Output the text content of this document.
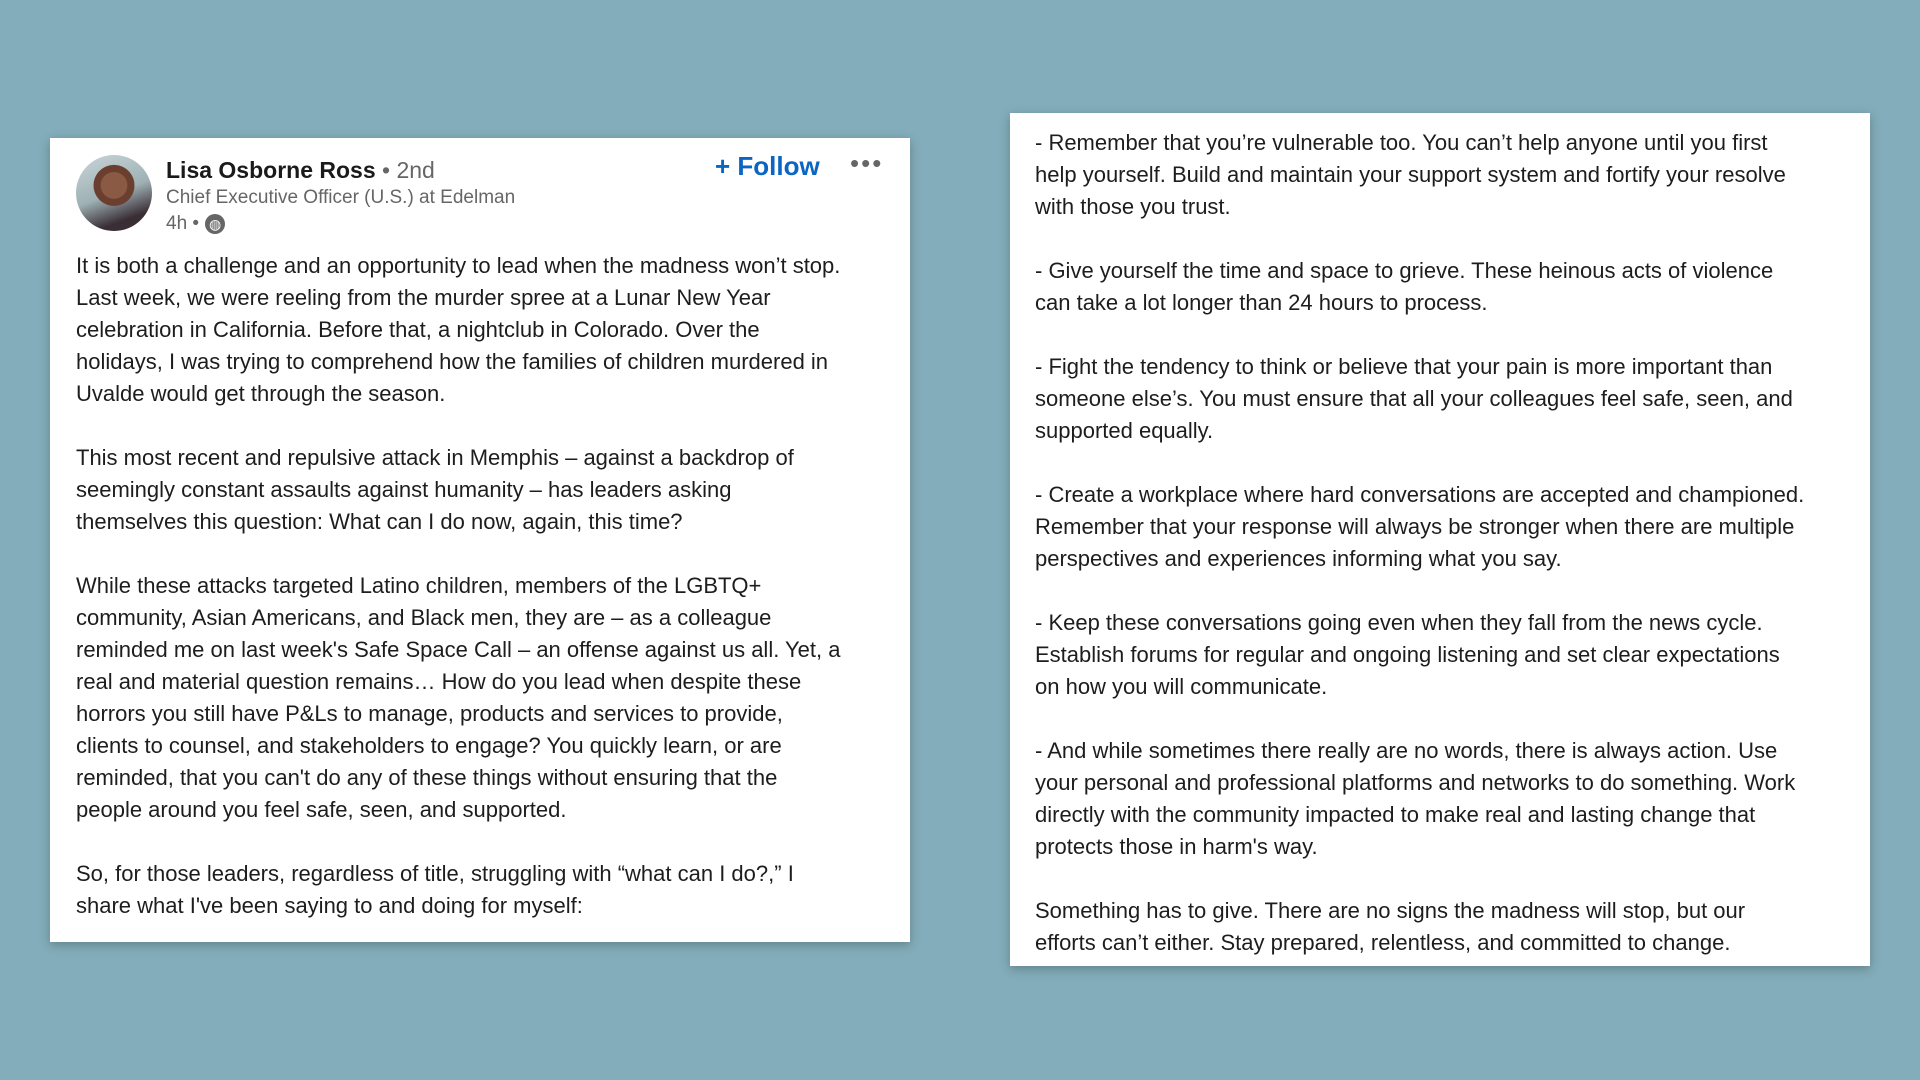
Lisa Osborne Ross • 2nd
Chief Executive Officer (U.S.) at Edelman
4h • ◍
+ Follow •••
It is both a challenge and an opportunity to lead when the madness won’t stop.
Last week, we were reeling from the murder spree at a Lunar New Year
celebration in California. Before that, a nightclub in Colorado. Over the
holidays, I was trying to comprehend how the families of children murdered in
Uvalde would get through the season.
This most recent and repulsive attack in Memphis – against a backdrop of
seemingly constant assaults against humanity – has leaders asking
themselves this question: What can I do now, again, this time?
While these attacks targeted Latino children, members of the LGBTQ+
community, Asian Americans, and Black men, they are – as a colleague
reminded me on last week's Safe Space Call – an offense against us all. Yet, a
real and material question remains… How do you lead when despite these
horrors you still have P&Ls to manage, products and services to provide,
clients to counsel, and stakeholders to engage? You quickly learn, or are
reminded, that you can't do any of these things without ensuring that the
people around you feel safe, seen, and supported.
So, for those leaders, regardless of title, struggling with “what can I do?,” I
share what I've been saying to and doing for myself:
- Remember that you’re vulnerable too. You can’t help anyone until you first
help yourself. Build and maintain your support system and fortify your resolve
with those you trust.
- Give yourself the time and space to grieve. These heinous acts of violence
can take a lot longer than 24 hours to process.
- Fight the tendency to think or believe that your pain is more important than
someone else’s. You must ensure that all your colleagues feel safe, seen, and
supported equally.
- Create a workplace where hard conversations are accepted and championed.
Remember that your response will always be stronger when there are multiple
perspectives and experiences informing what you say.
- Keep these conversations going even when they fall from the news cycle.
Establish forums for regular and ongoing listening and set clear expectations
on how you will communicate.
- And while sometimes there really are no words, there is always action. Use
your personal and professional platforms and networks to do something. Work
directly with the community impacted to make real and lasting change that
protects those in harm's way.
Something has to give. There are no signs the madness will stop, but our
efforts can’t either. Stay prepared, relentless, and committed to change.
